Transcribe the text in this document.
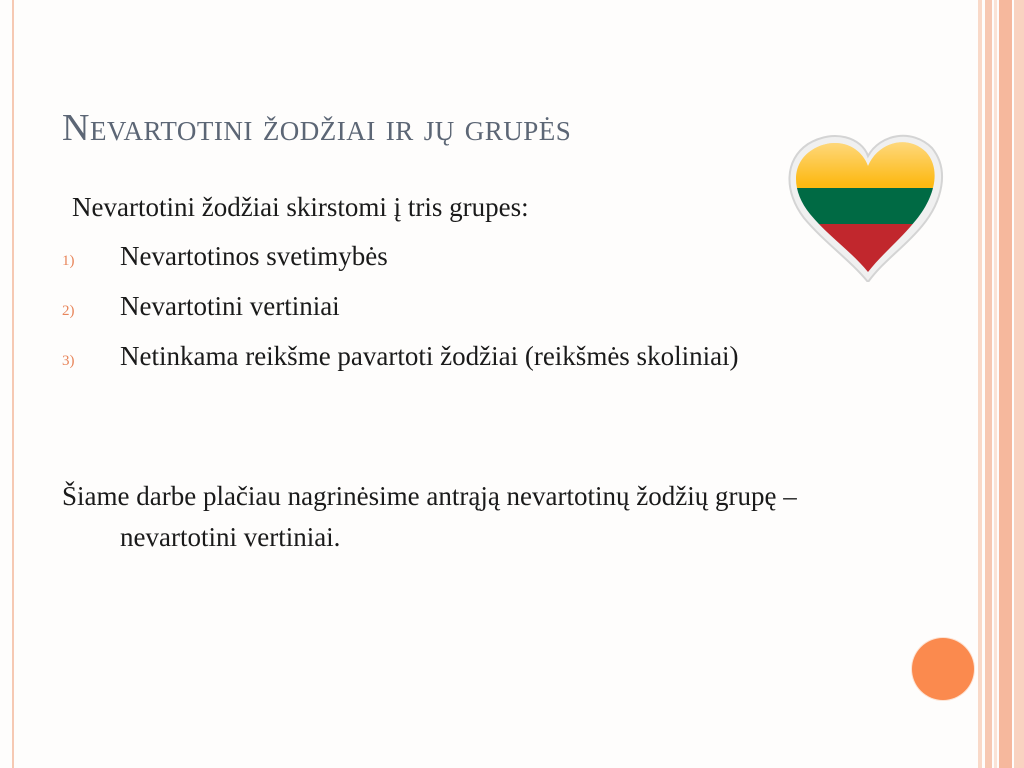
Nevartotini žodžiai ir jų grupės
Nevartotini žodžiai skirstomi į tris grupes:
1)	Nevartotinos svetimybės
2)	Nevartotini vertiniai
3)	Netinkama reikšme pavartoti žodžiai (reikšmės skoliniai)
Šiame darbe plačiau nagrinėsime antrąją nevartotinų žodžių grupę – nevartotini vertiniai.
